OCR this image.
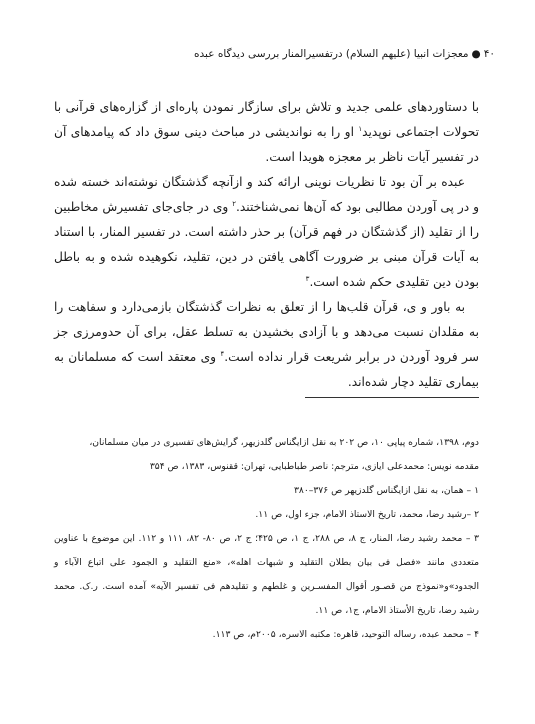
۴۰●معجزات انبیا (علیهم السلام) درتفسیرالمنار بررسی دیدگاه عبده

با دستاوردهای علمی جدید و تلاش برای سازگار نمودن پاره‌ای از گزاره‌های قرآنی با تحولات اجتماعی نوپدید$^۱$ او را به نوانديشی در مباحث دینی سوق داد که پیامدهای آن در تفسیر آیات ناظر بر معجزه هویدا است.

عبده بر آن بود تا نظریات نوینی ارائه کند و ازآنچه گذشتگان نوشته‌اند خسته شده و در پی آوردن مطالبی بود که آن‌ها نمی‌شناختند.$^۲$ وی در جای‌جای تفسیرش مخاطبین را از تقلید (از گذشتگان در فهم قرآن) بر حذر داشته است. در تفسیر المنار، با استناد به آیات قرآن مبنی بر ضرورت آگاهی یافتن در دین، تقلید، نکوهیده شده و به باطل بودن دین تقلیدی حکم شده است.$^۳$

به باور و ی، قرآن قلب‌ها را از تعلق به نظرات گذشتگان بازمی‌دارد و سفاهت را به مقلدان نسبت می‌دهد و با آزادی بخشیدن به تسلط عقل، برای آن حدومرزی جز سر فرود آوردن در برابر شریعت قرار نداده است.$^۴$ وی معتقد است که مسلمانان به بیماری تقلید دچار شده‌اند.

دوم، ۱۳۹۸، شماره پیاپی ۱۰، ص ۲۰۲ به نقل ازایگناس گلدزیهر، گرایش‌های تفسیری در میان مسلمانان،

مقدمه نویس: محمدعلی ایازی، مترجم: ناصر طباطبایی، تهران: ققنوس، ۱۳۸۳، ص ۳۵۴

۱ – همان، به نقل ازایگناس گلدزیهر ص ۳۷۶–۳۸۰

۲ –رشید رضا، محمد، تاریخ الاستاذ الامام، جزء اول، ص ۱۱.

۳ – محمد رشید رضا، المنار، ج ۸، ص ۲۸۸، ج ۱، ص ۴۲۵؛ ج ۲، ص ۸۰- ۸۲، ۱۱۱ و ۱۱۲. این موضوع با عناوین متعددی مانند «فصل فی بیان بطلان التقلید و شبهات اهله»، «منع التقلید و الجمود علی اتباع الآباء و الجدود»و«نموذج من قصـور أقوال المفسـرین و غلطهم و تقلیدهم فی تفسیر الآیه» آمده است. ر.ک. محمد رشید رضا، تاریخ الأستاذ الامام، ج۱، ص ۱۱.

۴ – محمد عبده، رساله التوحید، قاهره: مکتبه الاسره، ۲۰۰۵م، ص ۱۱۳.
